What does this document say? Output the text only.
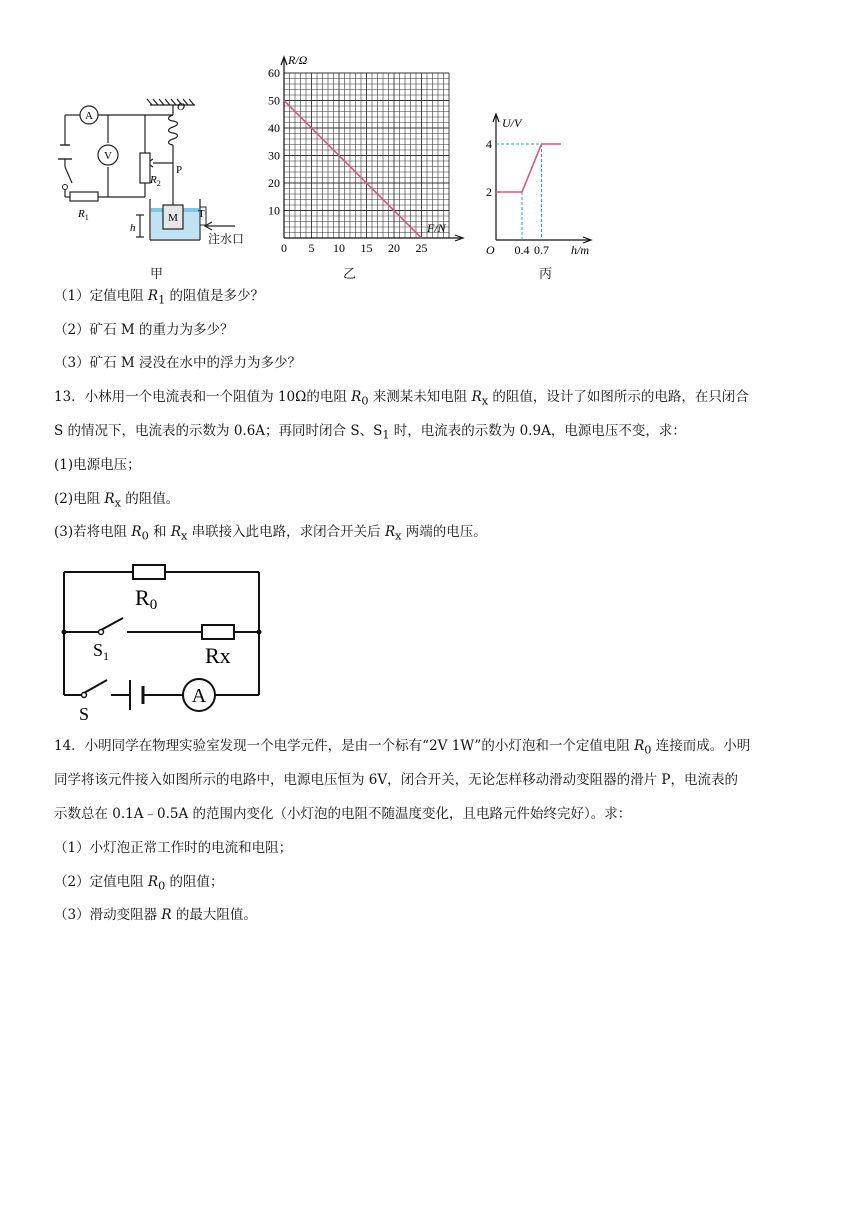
A
V
$R_1$
$R_2$
M T
O
P
h
注水口
甲
5 10 15 20 25
10
20
30
40
50
60
R/Ω
F/N
0
乙
0.4 0.7
2
4
U/V
h/m
O
丙
（1）定值电阻 $R_1$ 的阻值是多少？
（2）矿石 M 的重力为多少？
（3）矿石 M 浸没在水中的浮力为多少？
13．小林用一个电流表和一个阻值为 10Ω的电阻 $R_0$ 来测某未知电阻 $R_x$ 的阻值，设计了如图所示的电路，在只闭合
S 的情况下，电流表的示数为 0.6A；再同时闭合 S、$S_1$ 时，电流表的示数为 0.9A，电源电压不变，求：
(1)电源电压；
(2)电阻 $R_x$ 的阻值。
(3)若将电阻 $R_0$ 和 $R_x$ 串联接入此电路，求闭合开关后 $R_x$ 两端的电压。
A
R0
Rx
$S_1$
S
14．小明同学在物理实验室发现一个电学元件，是由一个标有“2V 1W”的小灯泡和一个定值电阻 $R_0$ 连接而成。小明
同学将该元件接入如图所示的电路中，电源电压恒为 6V，闭合开关，无论怎样移动滑动变阻器的滑片 P，电流表的
示数总在 0.1A﹣0.5A 的范围内变化（小灯泡的电阻不随温度变化，且电路元件始终完好）。求：
（1）小灯泡正常工作时的电流和电阻；
（2）定值电阻 $R_0$ 的阻值；
（3）滑动变阻器 R 的最大阻值。
